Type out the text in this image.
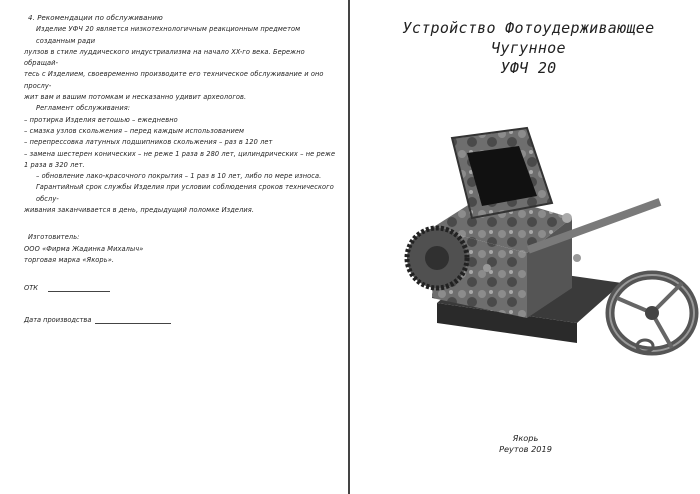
4. Рекомендации по обслуживанию

Изделие УФЧ 20 является низкотехнологичным реакционным предметом созданным ради

лулзов в стиле луддического индустриализма на начало XX-го века. Бережно обращай-

тесь с Изделием, своевременно производите его техническое обслуживание и оно прослу-

жит вам и вашим потомкам и несказанно удивит археологов.

Регламент обслуживания:

– протирка Изделия ветошью – ежедневно

– смазка узлов скольжения – перед каждым использованием

– перепрессовка латунных подшипников скольжения – раз в 120 лет

– замена шестерен конических – не реже 1 раза в 280 лет, цилиндрических – не реже

1 раза в 320 лет.

– обновление лако-красочного покрытия – 1 раз в 10 лет, либо по мере износа.

Гарантийный срок службы Изделия при условии соблюдения сроков технического обслу-

живания заканчивается в день, предыдущий поломке Изделия.

Изготовитель:

ООО «Фирма Жадинка Михалыч»

торговая марка «Якорь».

ОТК
Дата производства
Устройство Фотоудерживающее Чугунное
УФЧ 20
Якорь
Реутов 2019
